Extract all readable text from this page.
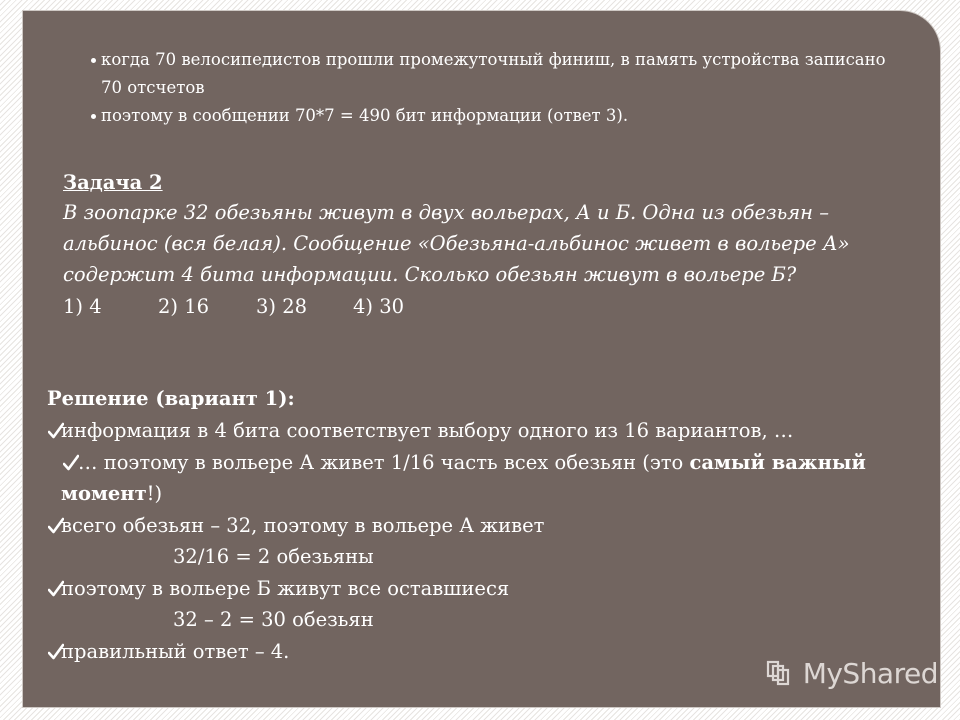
когда 70 велосипедистов прошли промежуточный финиш, в память устройства записано 70 отсчетов
поэтому в сообщении 70*7 = 490 бит информации (ответ 3).
Задача 2
В зоопарке 32 обезьяны живут в двух вольерах, А и Б. Одна из обезьян – альбинос (вся белая). Сообщение «Обезьяна-альбинос живет в вольере А» содержит 4 бита информации. Сколько обезьян живут в вольере Б?
1) 4	2) 16	3) 28	4) 30
Решение (вариант 1):
информация в 4 бита соответствует выбору одного из 16 вариантов, …
… поэтому в вольере А живет 1/16 часть всех обезьян (это самый важный момент!)
всего обезьян – 32, поэтому в вольере А живет
32/16 = 2 обезьяны
поэтому в вольере Б живут все оставшиеся
32 – 2 = 30 обезьян
правильный ответ – 4.
MyShared
